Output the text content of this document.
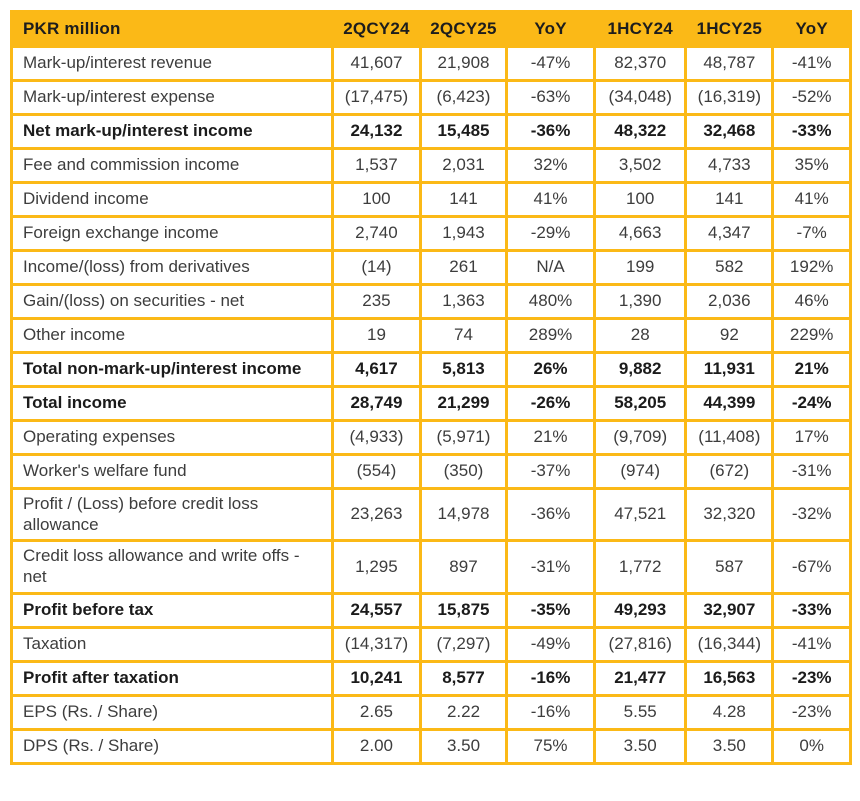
PKR million	2QCY24	2QCY25	YoY	1HCY24	1HCY25	YoY
Mark-up/interest revenue	41,607	21,908	-47%	82,370	48,787	-41%
Mark-up/interest expense	(17,475)	(6,423)	-63%	(34,048)	(16,319)	-52%
Net mark-up/interest income	24,132	15,485	-36%	48,322	32,468	-33%
Fee and commission income	1,537	2,031	32%	3,502	4,733	35%
Dividend income	100	141	41%	100	141	41%
Foreign exchange income	2,740	1,943	-29%	4,663	4,347	-7%
Income/(loss) from derivatives	(14)	261	N/A	199	582	192%
Gain/(loss) on securities - net	235	1,363	480%	1,390	2,036	46%
Other income	19	74	289%	28	92	229%
Total non-mark-up/interest income	4,617	5,813	26%	9,882	11,931	21%
Total income	28,749	21,299	-26%	58,205	44,399	-24%
Operating expenses	(4,933)	(5,971)	21%	(9,709)	(11,408)	17%
Worker's welfare fund	(554)	(350)	-37%	(974)	(672)	-31%
Profit / (Loss) before credit loss allowance	23,263	14,978	-36%	47,521	32,320	-32%
Credit loss allowance and write offs - net	1,295	897	-31%	1,772	587	-67%
Profit before tax	24,557	15,875	-35%	49,293	32,907	-33%
Taxation	(14,317)	(7,297)	-49%	(27,816)	(16,344)	-41%
Profit after taxation	10,241	8,577	-16%	21,477	16,563	-23%
EPS (Rs. / Share)	2.65	2.22	-16%	5.55	4.28	-23%
DPS (Rs. / Share)	2.00	3.50	75%	3.50	3.50	0%
